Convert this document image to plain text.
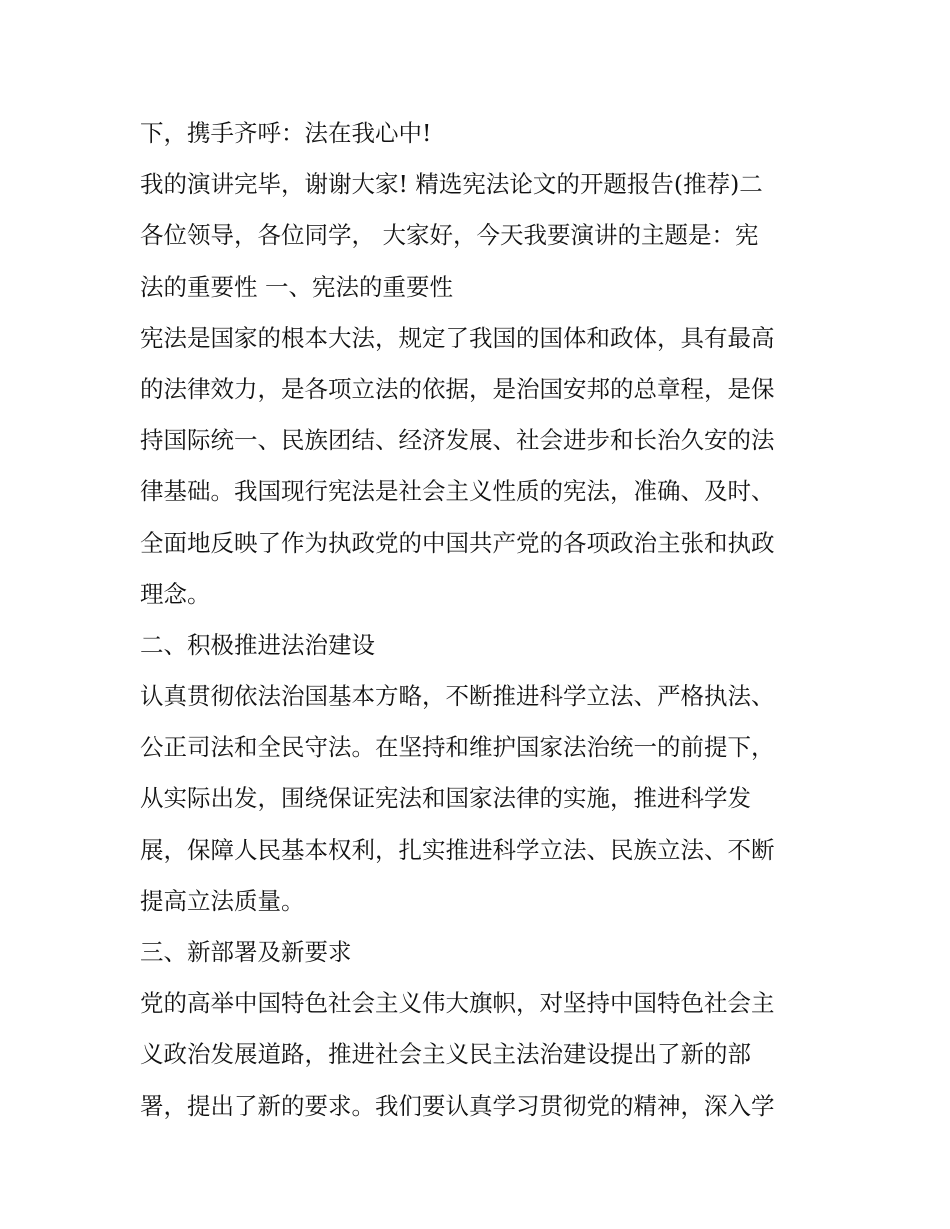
下，携手齐呼：法在我心中!
我的演讲完毕，谢谢大家! 精选宪法论文的开题报告(推荐)二
各位领导，各位同学， 大家好，今天我要演讲的主题是：宪
法的重要性 一、宪法的重要性
宪法是国家的根本大法，规定了我国的国体和政体，具有最高
的法律效力，是各项立法的依据，是治国安邦的总章程，是保
持国际统一、民族团结、经济发展、社会进步和长治久安的法
律基础。我国现行宪法是社会主义性质的宪法，准确、及时、
全面地反映了作为执政党的中国共产党的各项政治主张和执政
理念。
二、积极推进法治建设
认真贯彻依法治国基本方略，不断推进科学立法、严格执法、
公正司法和全民守法。在坚持和维护国家法治统一的前提下，
从实际出发，围绕保证宪法和国家法律的实施，推进科学发
展，保障人民基本权利，扎实推进科学立法、民族立法、不断
提高立法质量。
三、新部署及新要求
党的高举中国特色社会主义伟大旗帜，对坚持中国特色社会主
义政治发展道路，推进社会主义民主法治建设提出了新的部
署，提出了新的要求。我们要认真学习贯彻党的精神，深入学
